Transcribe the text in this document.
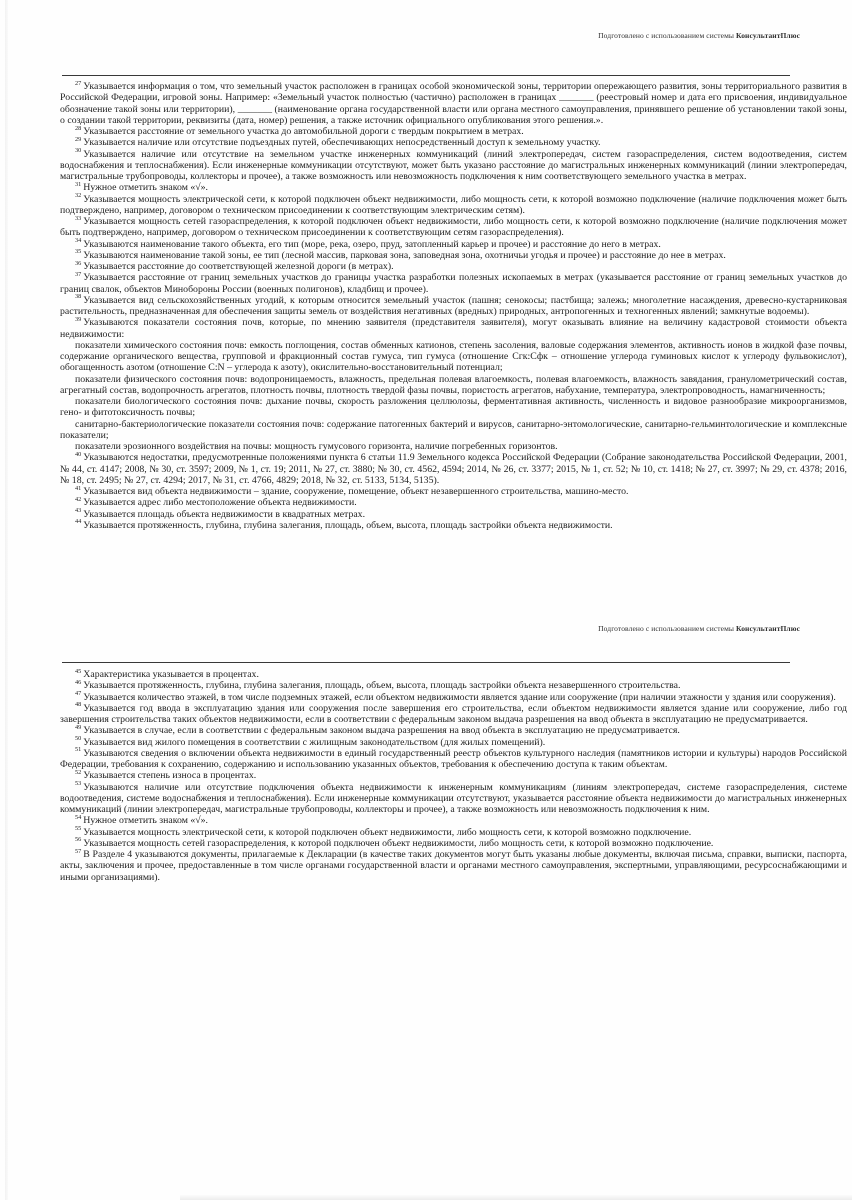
Подготовлено с использованием системы КонсультантПлюс

$^{27}$ Указывается информация о том, что земельный участок расположен в границах особой экономической зоны, территории опережающего развития, зоны территориального развития в Российской Федерации, игровой зоны. Например: «Земельный участок полностью (частично) расположен в границах _______ (реестровый номер и дата его присвоения, индивидуальное обозначение такой зоны или территории), _______ (наименование органа государственной власти или органа местного самоуправления, принявшего решение об установлении такой зоны, о создании такой территории, реквизиты (дата, номер) решения, а также источник официального опубликования этого решения.».

$^{28}$ Указывается расстояние от земельного участка до автомобильной дороги с твердым покрытием в метрах.

$^{29}$ Указывается наличие или отсутствие подъездных путей, обеспечивающих непосредственный доступ к земельному участку.

$^{30}$ Указывается наличие или отсутствие на земельном участке инженерных коммуникаций (линий электропередач, систем газораспределения, систем водоотведения, систем водоснабжения и теплоснабжения). Если инженерные коммуникации отсутствуют, может быть указано расстояние до магистральных инженерных коммуникаций (линии электропередач, магистральные трубопроводы, коллекторы и прочее), а также возможность или невозможность подключения к ним соответствующего земельного участка в метрах.

$^{31}$ Нужное отметить знаком «√».

$^{32}$ Указывается мощность электрической сети, к которой подключен объект недвижимости, либо мощность сети, к которой возможно подключение (наличие подключения может быть подтверждено, например, договором о техническом присоединении к соответствующим электрическим сетям).

$^{33}$ Указывается мощность сетей газораспределения, к которой подключен объект недвижимости, либо мощность сети, к которой возможно подключение (наличие подключения может быть подтверждено, например, договором о техническом присоединении к соответствующим сетям газораспределения).

$^{34}$ Указываются наименование такого объекта, его тип (море, река, озеро, пруд, затопленный карьер и прочее) и расстояние до него в метрах.

$^{35}$ Указываются наименование такой зоны, ее тип (лесной массив, парковая зона, заповедная зона, охотничьи угодья и прочее) и расстояние до нее в метрах.

$^{36}$ Указывается расстояние до соответствующей железной дороги (в метрах).

$^{37}$ Указывается расстояние от границ земельных участков до границы участка разработки полезных ископаемых в метрах (указывается расстояние от границ земельных участков до границ свалок, объектов Минобороны России (военных полигонов), кладбищ и прочее).

$^{38}$ Указывается вид сельскохозяйственных угодий, к которым относится земельный участок (пашня; сенокосы; пастбища; залежь; многолетние насаждения, древесно-кустарниковая растительность, предназначенная для обеспечения защиты земель от воздействия негативных (вредных) природных, антропогенных и техногенных явлений; замкнутые водоемы).

$^{39}$ Указываются показатели состояния почв, которые, по мнению заявителя (представителя заявителя), могут оказывать влияние на величину кадастровой стоимости объекта недвижимости:

показатели химического состояния почв: емкость поглощения, состав обменных катионов, степень засоления, валовые содержания элементов, активность ионов в жидкой фазе почвы, содержание органического вещества, групповой и фракционный состав гумуса, тип гумуса (отношение Сгк:Сфк – отношение углерода гуминовых кислот к углероду фульвокислот), обогащенность азотом (отношение C:N – углерода к азоту), окислительно-восстановительный потенциал;

показатели физического состояния почв: водопроницаемость, влажность, предельная полевая влагоемкость, полевая влагоемкость, влажность завядания, гранулометрический состав, агрегатный состав, водопрочность агрегатов, плотность почвы, плотность твердой фазы почвы, пористость агрегатов, набухание, температура, электропроводность, намагниченность;

показатели биологического состояния почв: дыхание почвы, скорость разложения целлюлозы, ферментативная активность, численность и видовое разнообразие микроорганизмов, гено- и фитотоксичность почвы;

санитарно-бактериологические показатели состояния почв: содержание патогенных бактерий и вирусов, санитарно-энтомологические, санитарно-гельминтологические и комплексные показатели;

показатели эрозионного воздействия на почвы: мощность гумусового горизонта, наличие погребенных горизонтов.

$^{40}$ Указываются недостатки, предусмотренные положениями пункта 6 статьи 11.9 Земельного кодекса Российской Федерации (Собрание законодательства Российской Федерации, 2001, № 44, ст. 4147; 2008, № 30, ст. 3597; 2009, № 1, ст. 19; 2011, № 27, ст. 3880; № 30, ст. 4562, 4594; 2014, № 26, ст. 3377; 2015, № 1, ст. 52; № 10, ст. 1418; № 27, ст. 3997; № 29, ст. 4378; 2016, № 18, ст. 2495; № 27, ст. 4294; 2017, № 31, ст. 4766, 4829; 2018, № 32, ст. 5133, 5134, 5135).

$^{41}$ Указывается вид объекта недвижимости – здание, сооружение, помещение, объект незавершенного строительства, машино-место.

$^{42}$ Указывается адрес либо местоположение объекта недвижимости.

$^{43}$ Указывается площадь объекта недвижимости в квадратных метрах.

$^{44}$ Указывается протяженность, глубина, глубина залегания, площадь, объем, высота, площадь застройки объекта недвижимости.

Подготовлено с использованием системы КонсультантПлюс

$^{45}$ Характеристика указывается в процентах.

$^{46}$ Указывается протяженность, глубина, глубина залегания, площадь, объем, высота, площадь застройки объекта незавершенного строительства.

$^{47}$ Указывается количество этажей, в том числе подземных этажей, если объектом недвижимости является здание или сооружение (при наличии этажности у здания или сооружения).

$^{48}$ Указывается год ввода в эксплуатацию здания или сооружения после завершения его строительства, если объектом недвижимости является здание или сооружение, либо год завершения строительства таких объектов недвижимости, если в соответствии с федеральным законом выдача разрешения на ввод объекта в эксплуатацию не предусматривается.

$^{49}$ Указывается в случае, если в соответствии с федеральным законом выдача разрешения на ввод объекта в эксплуатацию не предусматривается.

$^{50}$ Указывается вид жилого помещения в соответствии с жилищным законодательством (для жилых помещений).

$^{51}$ Указываются сведения о включении объекта недвижимости в единый государственный реестр объектов культурного наследия (памятников истории и культуры) народов Российской Федерации, требования к сохранению, содержанию и использованию указанных объектов, требования к обеспечению доступа к таким объектам.

$^{52}$ Указывается степень износа в процентах.

$^{53}$ Указываются наличие или отсутствие подключения объекта недвижимости к инженерным коммуникациям (линиям электропередач, системе газораспределения, системе водоотведения, системе водоснабжения и теплоснабжения). Если инженерные коммуникации отсутствуют, указывается расстояние объекта недвижимости до магистральных инженерных коммуникаций (линии электропередач, магистральные трубопроводы, коллекторы и прочее), а также возможность или невозможность подключения к ним.

$^{54}$ Нужное отметить знаком «√».

$^{55}$ Указывается мощность электрической сети, к которой подключен объект недвижимости, либо мощность сети, к которой возможно подключение.

$^{56}$ Указывается мощность сетей газораспределения, к которой подключен объект недвижимости, либо мощность сети, к которой возможно подключение.

$^{57}$ В Разделе 4 указываются документы, прилагаемые к Декларации (в качестве таких документов могут быть указаны любые документы, включая письма, справки, выписки, паспорта, акты, заключения и прочее, предоставленные в том числе органами государственной власти и органами местного самоуправления, экспертными, управляющими, ресурсоснабжающими и иными организациями).
